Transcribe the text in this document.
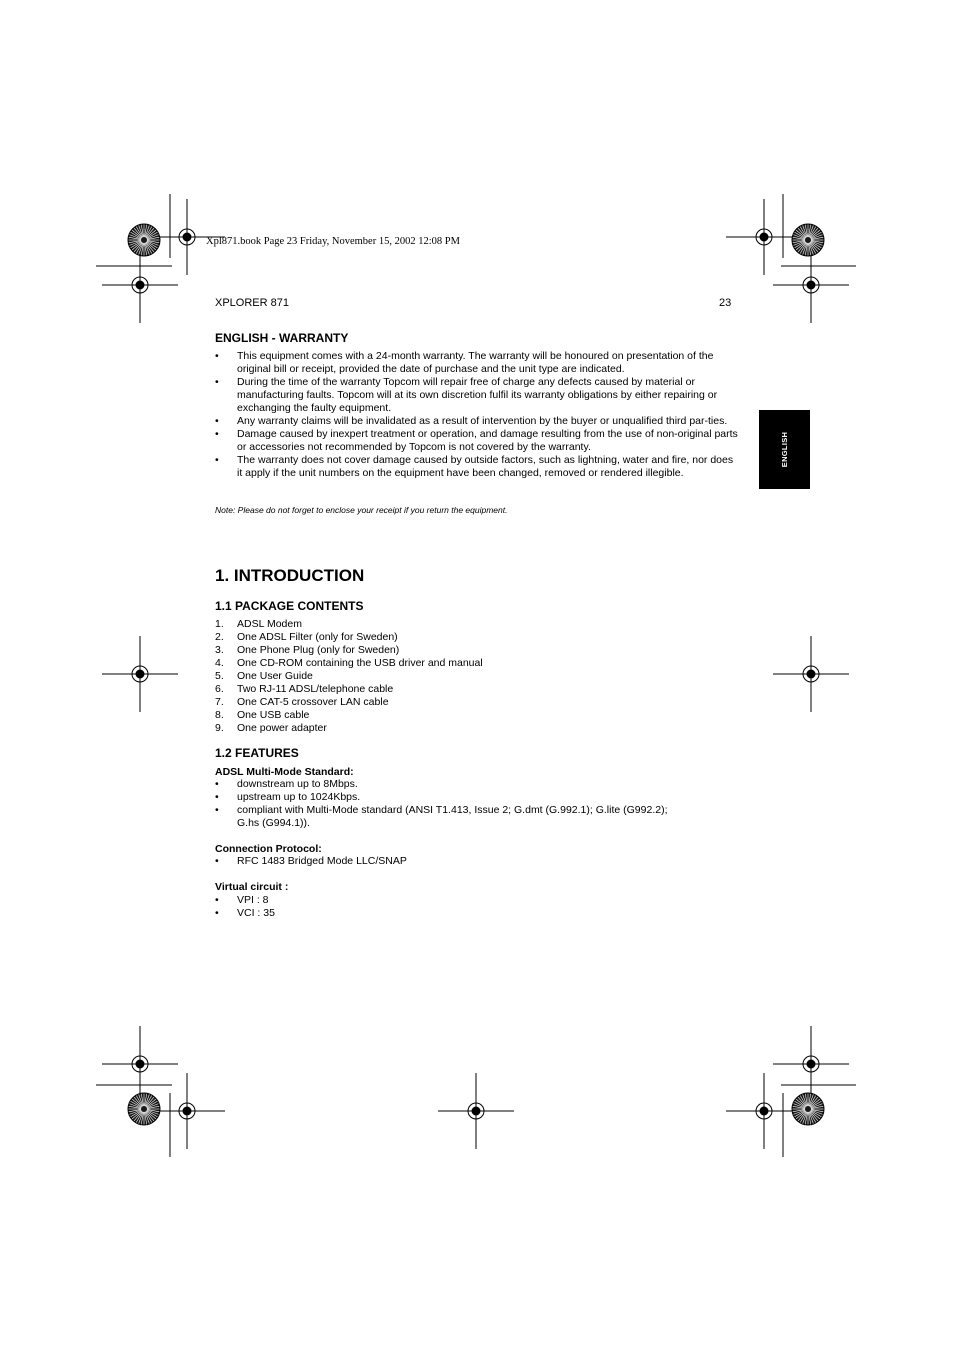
Xpl871.book Page 23 Friday, November 15, 2002 12:08 PM
XPLORER 871	23
ENGLISH
ENGLISH - WARRANTY
• This equipment comes with a 24-month warranty. The warranty will be honoured on presentation of the original bill or receipt, provided the date of purchase and the unit type are indicated.
• During the time of the warranty Topcom will repair free of charge any defects caused by material or manufacturing faults. Topcom will at its own discretion fulfil its warranty obligations by either repairing or exchanging the faulty equipment.
• Any warranty claims will be invalidated as a result of intervention by the buyer or unqualified third par-ties.
• Damage caused by inexpert treatment or operation, and damage resulting from the use of non-original parts or accessories not recommended by Topcom is not covered by the warranty.
• The warranty does not cover damage caused by outside factors, such as lightning, water and fire, nor does it apply if the unit numbers on the equipment have been changed, removed or rendered illegible.
Note: Please do not forget to enclose your receipt if you return the equipment.
1. INTRODUCTION
1.1 PACKAGE CONTENTS
1. ADSL Modem
2. One ADSL Filter (only for Sweden)
3. One Phone Plug (only for Sweden)
4. One CD-ROM containing the USB driver and manual
5. One User Guide
6. Two RJ-11 ADSL/telephone cable
7. One CAT-5 crossover LAN cable
8. One USB cable
9. One power adapter
1.2 FEATURES
ADSL Multi-Mode Standard:
• downstream up to 8Mbps.
• upstream up to 1024Kbps.
• compliant with Multi-Mode standard (ANSI T1.413, Issue 2; G.dmt (G.992.1); G.lite (G992.2);
G.hs (G994.1)).
Connection Protocol:
• RFC 1483 Bridged Mode LLC/SNAP
Virtual circuit :
• VPI : 8
• VCI : 35
